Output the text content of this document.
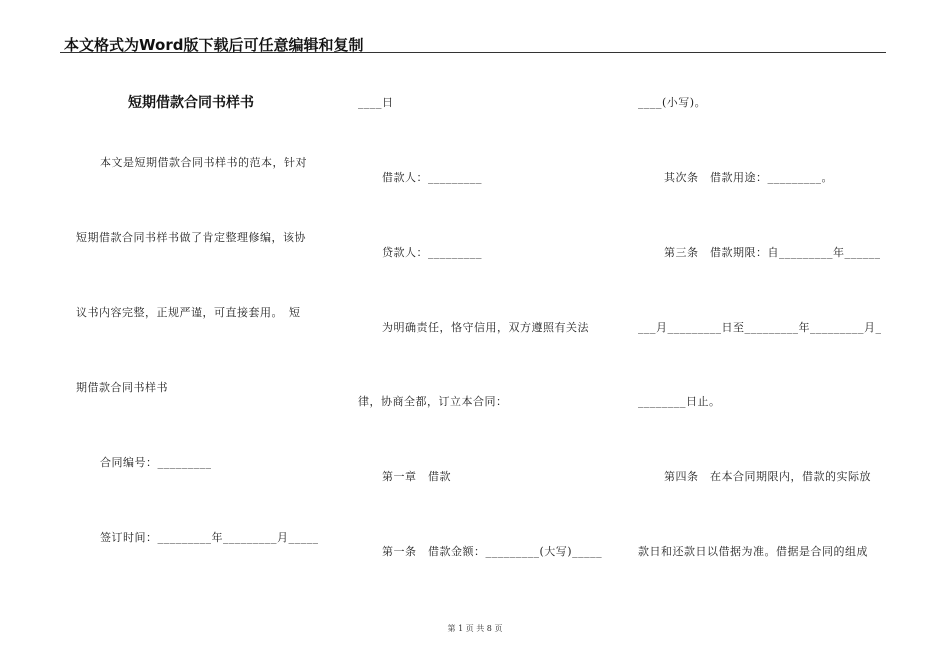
本文格式为Word版下载后可任意编辑和复制
短期借款合同书样书
本文是短期借款合同书样书的范本，针对
短期借款合同书样书做了肯定整理修编，该协
议书内容完整，正规严谨，可直接套用。　短
期借款合同书样书
合同编号：_________
签订时间：_________年_________月_____
____日
借款人：_________
贷款人：_________
为明确责任，恪守信用，双方遵照有关法
律，协商全都，订立本合同：
第一章　借款
第一条　借款金额：_________(大写)_____
____(小写)。
其次条　借款用途：_________。
第三条　借款期限：自_________年______
___月_________日至_________年_________月_
________日止。
第四条　在本合同期限内，借款的实际放
款日和还款日以借据为准。借据是合同的组成
第 1 页 共 8 页
